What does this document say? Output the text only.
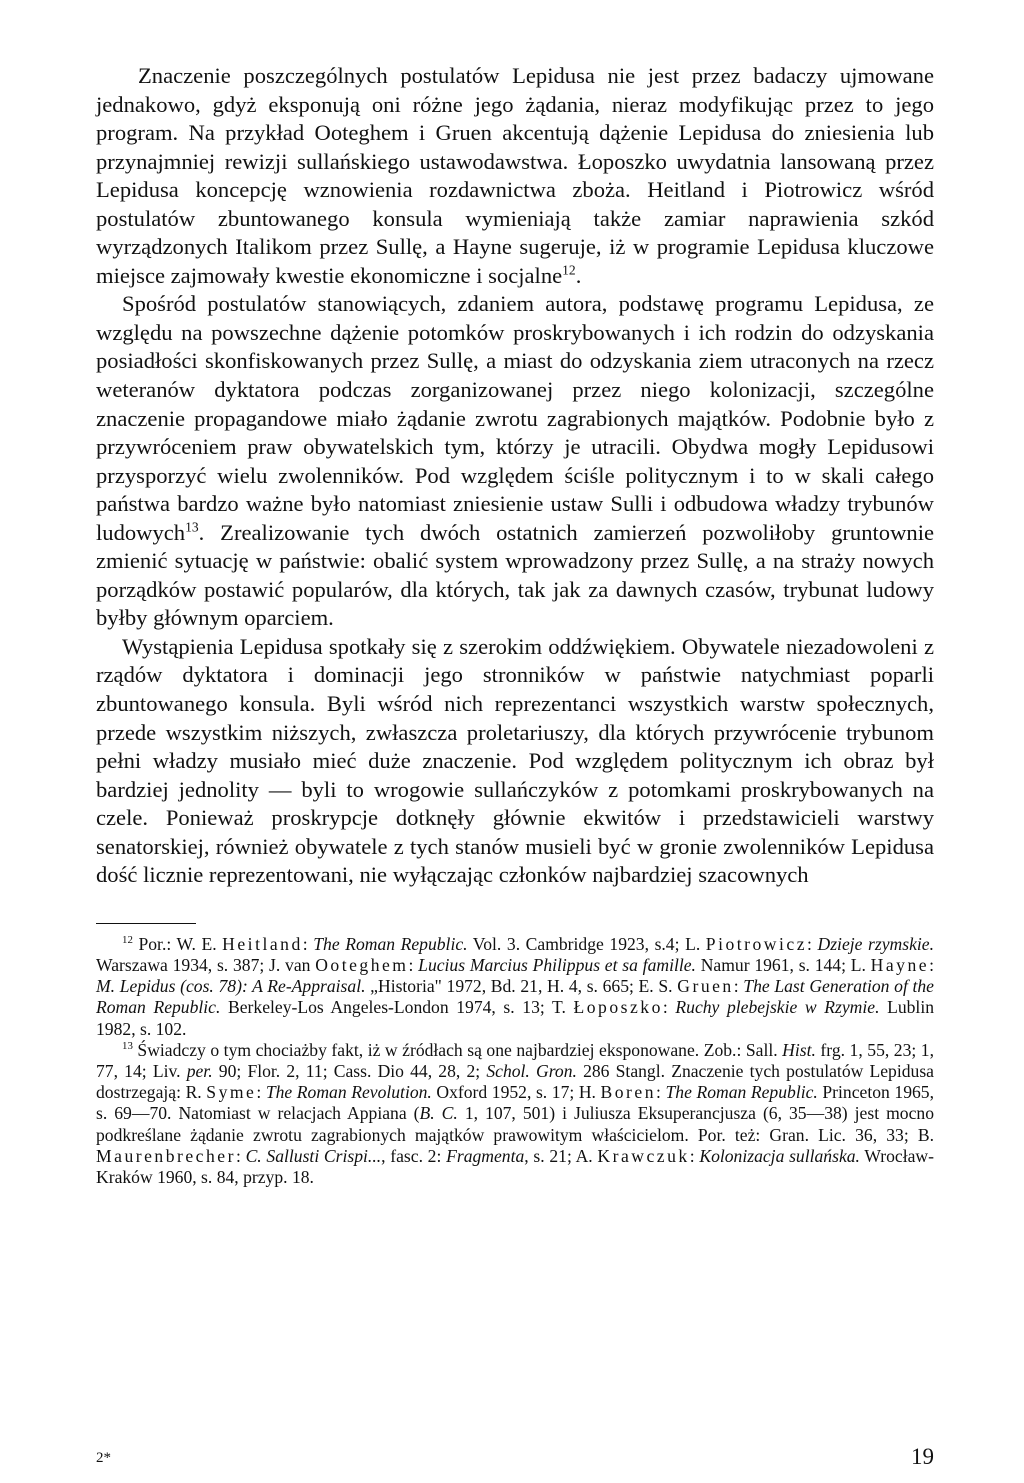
Znaczenie poszczególnych postulatów Lepidusa nie jest przez badaczy ujmowane jednakowo, gdyż eksponują oni różne jego żądania, nieraz modyfikując przez to jego program. Na przykład Ooteghem i Gruen akcentują dążenie Lepidusa do zniesienia lub przynajmniej rewizji sullańskiego ustawodawstwa. Łoposzko uwydatnia lansowaną przez Lepidusa koncepcję wznowienia rozdawnictwa zboża. Heitland i Piotrowicz wśród postulatów zbuntowanego konsula wymieniają także zamiar naprawienia szkód wyrządzonych Italikom przez Sullę, a Hayne sugeruje, iż w programie Lepidusa kluczowe miejsce zajmowały kwestie ekonomiczne i socjalne$^{12}$.

Spośród postulatów stanowiących, zdaniem autora, podstawę programu Lepidusa, ze względu na powszechne dążenie potomków proskrybowanych i ich rodzin do odzyskania posiadłości skonfiskowanych przez Sullę, a miast do odzyskania ziem utraconych na rzecz weteranów dyktatora podczas zorganizowanej przez niego kolonizacji, szczególne znaczenie propagandowe miało żądanie zwrotu zagrabionych majątków. Podobnie było z przywróceniem praw obywatelskich tym, którzy je utracili. Obydwa mogły Lepidusowi przysporzyć wielu zwolenników. Pod względem ściśle politycznym i to w skali całego państwa bardzo ważne było natomiast zniesienie ustaw Sulli i odbudowa władzy trybunów ludowych$^{13}$. Zrealizowanie tych dwóch ostatnich zamierzeń pozwoliłoby gruntownie zmienić sytuację w państwie: obalić system wprowadzony przez Sullę, a na straży nowych porządków postawić popularów, dla których, tak jak za dawnych czasów, trybunat ludowy byłby głównym oparciem.

Wystąpienia Lepidusa spotkały się z szerokim oddźwiękiem. Obywatele niezadowoleni z rządów dyktatora i dominacji jego stronników w państwie natychmiast poparli zbuntowanego konsula. Byli wśród nich reprezentanci wszystkich warstw społecznych, przede wszystkim niższych, zwłaszcza proletariuszy, dla których przywrócenie trybunom pełni władzy musiało mieć duże znaczenie. Pod względem politycznym ich obraz był bardziej jednolity — byli to wrogowie sullańczyków z potomkami proskrybowanych na czele. Ponieważ proskrypcje dotknęły głównie ekwitów i przedstawicieli warstwy senatorskiej, również obywatele z tych stanów musieli być w gronie zwolenników Lepidusa dość licznie reprezentowani, nie wyłączając członków najbardziej szacownych

$^{12}$ Por.: W. E. Heitland: The Roman Republic. Vol. 3. Cambridge 1923, s.4; L. Piotrowicz: Dzieje rzymskie. Warszawa 1934, s. 387; J. van Ooteghem: Lucius Marcius Philippus et sa famille. Namur 1961, s. 144; L. Hayne: M. Lepidus (cos. 78): A Re-Appraisal. „Historia" 1972, Bd. 21, H. 4, s. 665; E. S. Gruen: The Last Generation of the Roman Republic. Berkeley-Los Angeles-London 1974, s. 13; T. Łoposzko: Ruchy plebejskie w Rzymie. Lublin 1982, s. 102.

$^{13}$ Świadczy o tym chociażby fakt, iż w źródłach są one najbardziej eksponowane. Zob.: Sall. Hist. frg. 1, 55, 23; 1, 77, 14; Liv. per. 90; Flor. 2, 11; Cass. Dio 44, 28, 2; Schol. Gron. 286 Stangl. Znaczenie tych postulatów Lepidusa dostrzegają: R. Syme: The Roman Revolution. Oxford 1952, s. 17; H. Boren: The Roman Republic. Princeton 1965, s. 69—70. Natomiast w relacjach Appiana (B. C. 1, 107, 501) i Juliusza Eksuperancjusza (6, 35—38) jest mocno podkreślane żądanie zwrotu zagrabionych majątków prawowitym właścicielom. Por. też: Gran. Lic. 36, 33; B. Maurenbrecher: C. Sallusti Crispi..., fasc. 2: Fragmenta, s. 21; A. Krawczuk: Kolonizacja sullańska. Wrocław-Kraków 1960, s. 84, przyp. 18.

2*	19
